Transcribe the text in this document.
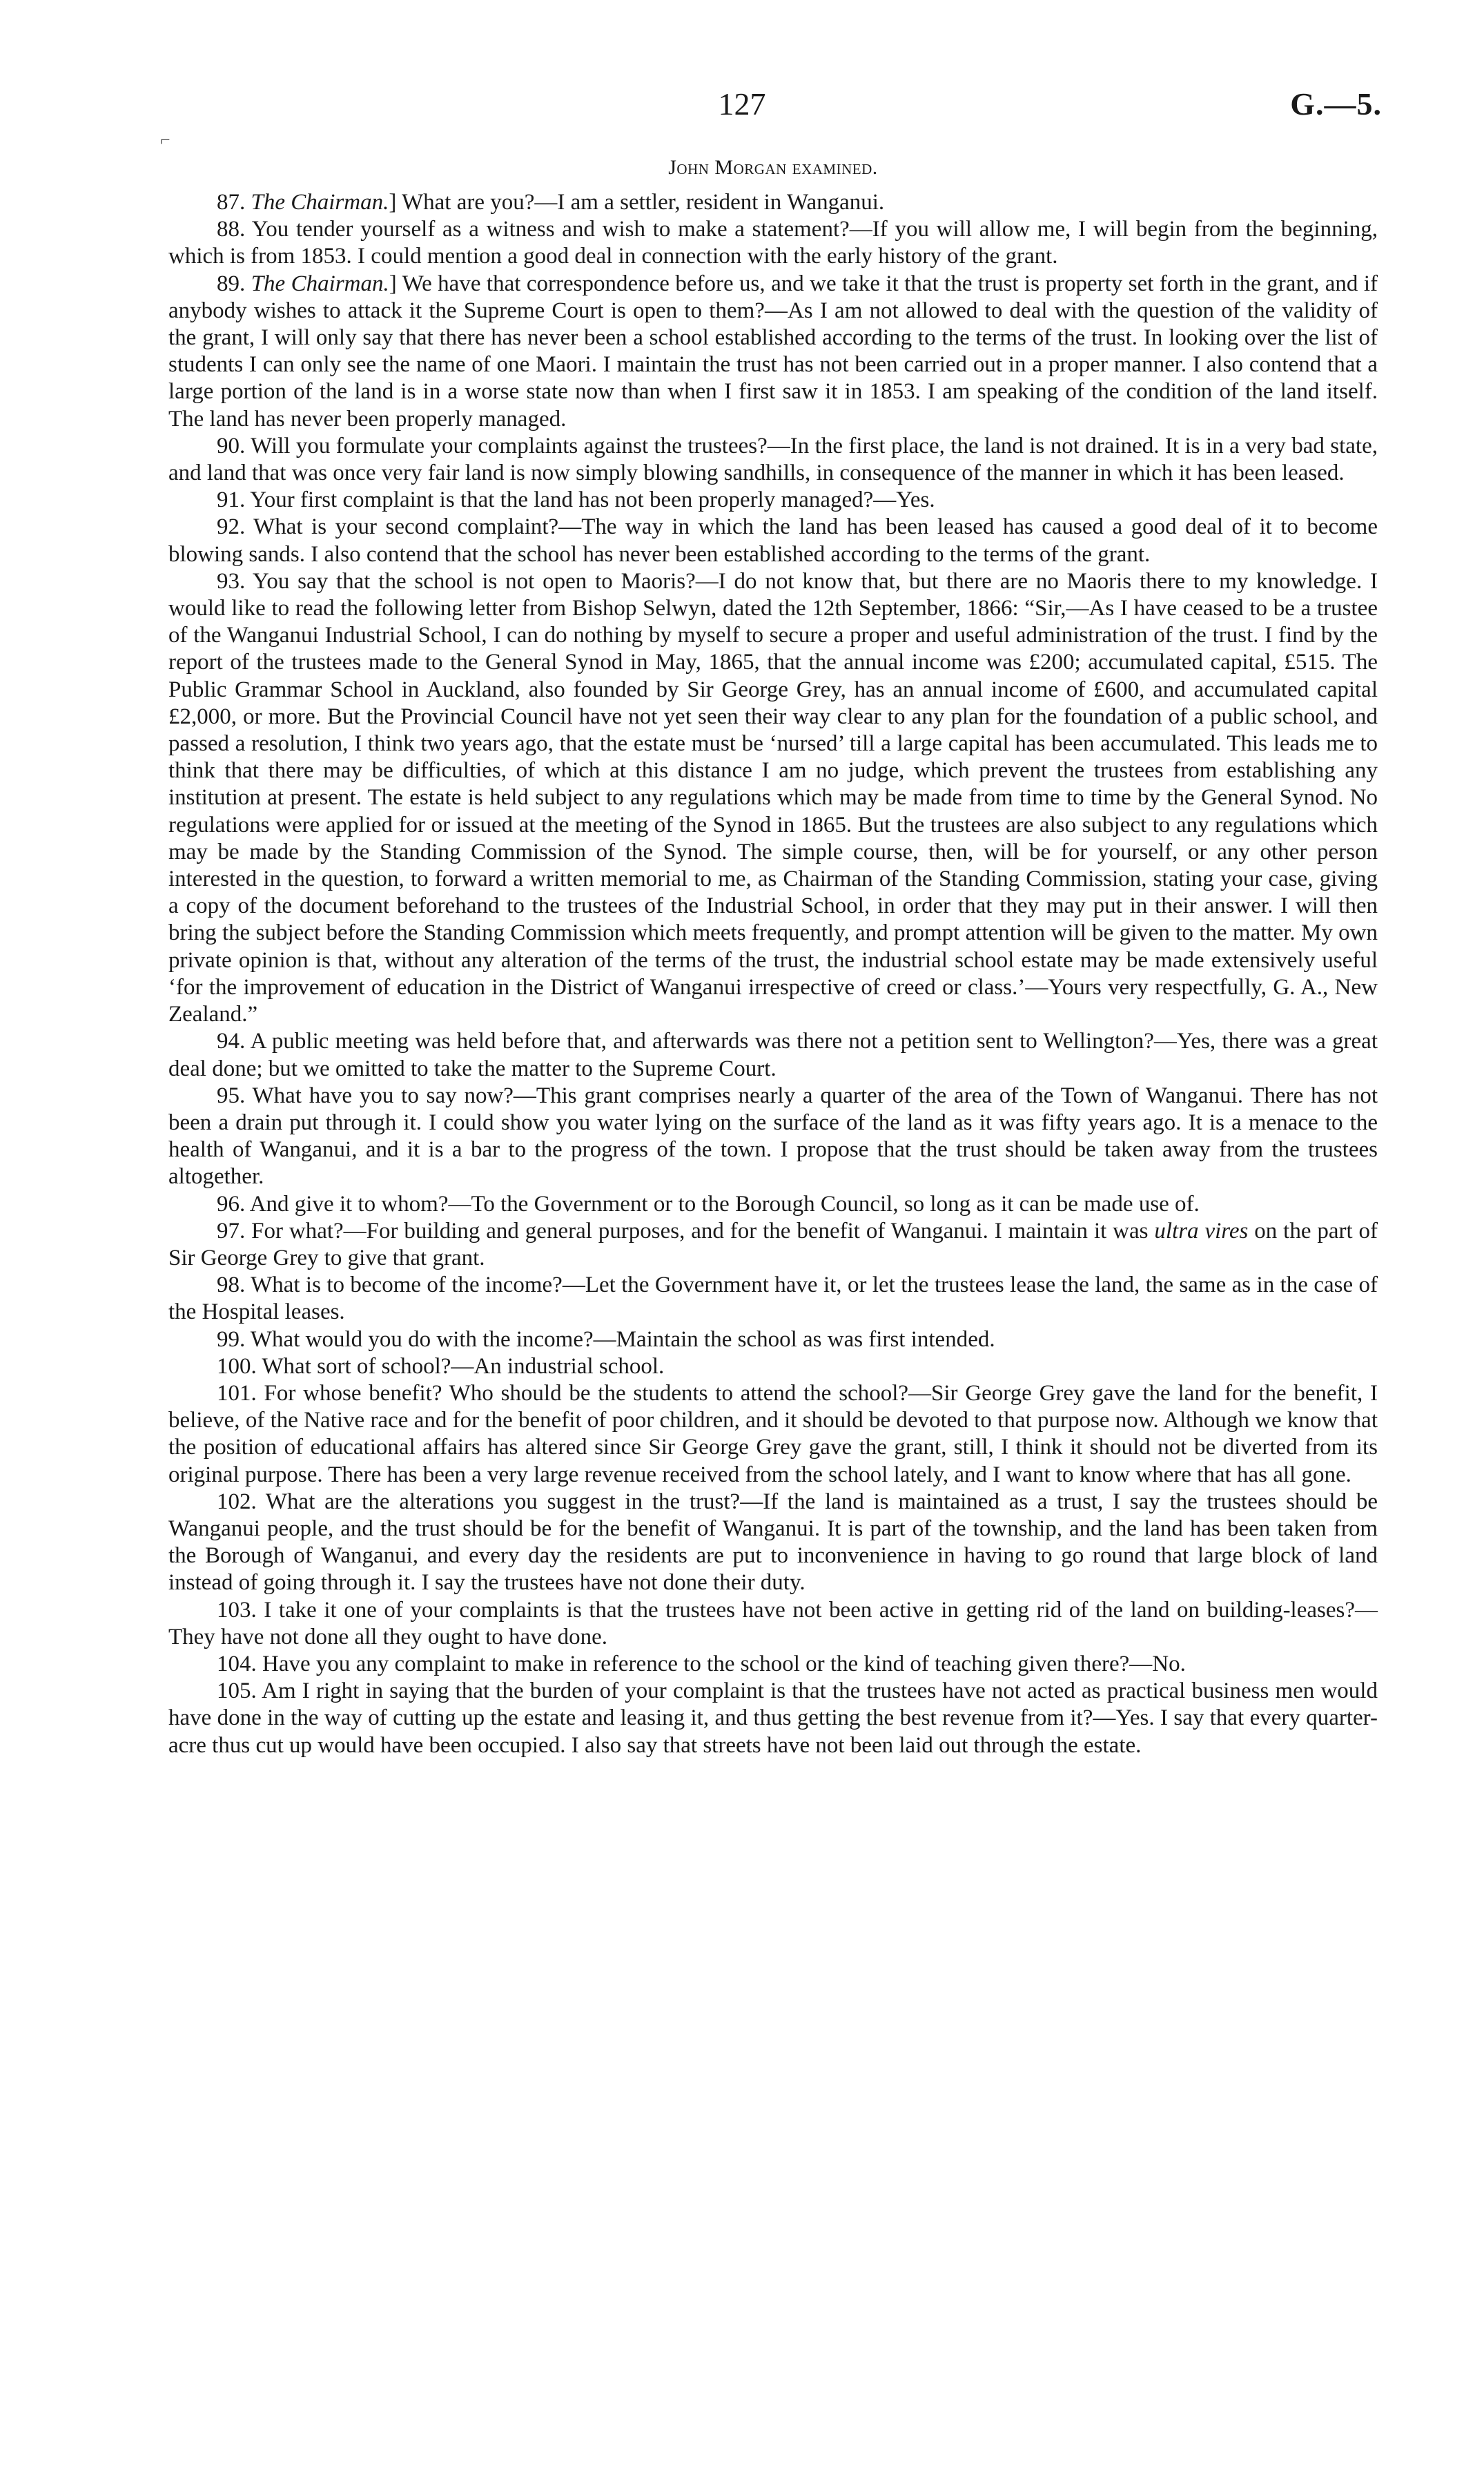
127	G.—5.
⌐
John Morgan examined.

87. The Chairman.] What are you?—I am a settler, resident in Wanganui.

88. You tender yourself as a witness and wish to make a statement?—If you will allow me, I will begin from the beginning, which is from 1853. I could mention a good deal in connection with the early history of the grant.

89. The Chairman.] We have that correspondence before us, and we take it that the trust is property set forth in the grant, and if anybody wishes to attack it the Supreme Court is open to them?—As I am not allowed to deal with the question of the validity of the grant, I will only say that there has never been a school established according to the terms of the trust. In looking over the list of students I can only see the name of one Maori. I maintain the trust has not been carried out in a proper manner. I also contend that a large portion of the land is in a worse state now than when I first saw it in 1853. I am speaking of the condition of the land itself. The land has never been properly managed.

90. Will you formulate your complaints against the trustees?—In the first place, the land is not drained. It is in a very bad state, and land that was once very fair land is now simply blowing sandhills, in consequence of the manner in which it has been leased.

91. Your first complaint is that the land has not been properly managed?—Yes.

92. What is your second complaint?—The way in which the land has been leased has caused a good deal of it to become blowing sands. I also contend that the school has never been established according to the terms of the grant.

93. You say that the school is not open to Maoris?—I do not know that, but there are no Maoris there to my knowledge. I would like to read the following letter from Bishop Selwyn, dated the 12th September, 1866: “Sir,—As I have ceased to be a trustee of the Wanganui Industrial School, I can do nothing by myself to secure a proper and useful administration of the trust. I find by the report of the trustees made to the General Synod in May, 1865, that the annual income was £200; accumulated capital, £515. The Public Grammar School in Auckland, also founded by Sir George Grey, has an annual income of £600, and accumulated capital £2,000, or more. But the Provincial Council have not yet seen their way clear to any plan for the foundation of a public school, and passed a resolution, I think two years ago, that the estate must be ‘nursed’ till a large capital has been accumulated. This leads me to think that there may be difficulties, of which at this distance I am no judge, which prevent the trustees from establishing any institution at present. The estate is held subject to any regulations which may be made from time to time by the General Synod. No regulations were applied for or issued at the meeting of the Synod in 1865. But the trustees are also subject to any regulations which may be made by the Standing Commission of the Synod. The simple course, then, will be for yourself, or any other person interested in the question, to forward a written memorial to me, as Chairman of the Standing Commission, stating your case, giving a copy of the document beforehand to the trustees of the Industrial School, in order that they may put in their answer. I will then bring the subject before the Standing Commission which meets frequently, and prompt attention will be given to the matter. My own private opinion is that, without any alteration of the terms of the trust, the industrial school estate may be made extensively useful ‘for the improvement of education in the District of Wanganui irrespective of creed or class.’—Yours very respectfully, G. A., New Zealand.”

94. A public meeting was held before that, and afterwards was there not a petition sent to Wellington?—Yes, there was a great deal done; but we omitted to take the matter to the Supreme Court.

95. What have you to say now?—This grant comprises nearly a quarter of the area of the Town of Wanganui. There has not been a drain put through it. I could show you water lying on the surface of the land as it was fifty years ago. It is a menace to the health of Wanganui, and it is a bar to the progress of the town. I propose that the trust should be taken away from the trustees altogether.

96. And give it to whom?—To the Government or to the Borough Council, so long as it can be made use of.

97. For what?—For building and general purposes, and for the benefit of Wanganui. I maintain it was ultra vires on the part of Sir George Grey to give that grant.

98. What is to become of the income?—Let the Government have it, or let the trustees lease the land, the same as in the case of the Hospital leases.

99. What would you do with the income?—Maintain the school as was first intended.

100. What sort of school?—An industrial school.

101. For whose benefit? Who should be the students to attend the school?—Sir George Grey gave the land for the benefit, I believe, of the Native race and for the benefit of poor children, and it should be devoted to that purpose now. Although we know that the position of educational affairs has altered since Sir George Grey gave the grant, still, I think it should not be diverted from its original purpose. There has been a very large revenue received from the school lately, and I want to know where that has all gone.

102. What are the alterations you suggest in the trust?—If the land is maintained as a trust, I say the trustees should be Wanganui people, and the trust should be for the benefit of Wanganui. It is part of the township, and the land has been taken from the Borough of Wanganui, and every day the residents are put to inconvenience in having to go round that large block of land instead of going through it. I say the trustees have not done their duty.

103. I take it one of your complaints is that the trustees have not been active in getting rid of the land on building-leases?—They have not done all they ought to have done.

104. Have you any complaint to make in reference to the school or the kind of teaching given there?—No.

105. Am I right in saying that the burden of your complaint is that the trustees have not acted as practical business men would have done in the way of cutting up the estate and leasing it, and thus getting the best revenue from it?—Yes. I say that every quarter-acre thus cut up would have been occupied. I also say that streets have not been laid out through the estate.
